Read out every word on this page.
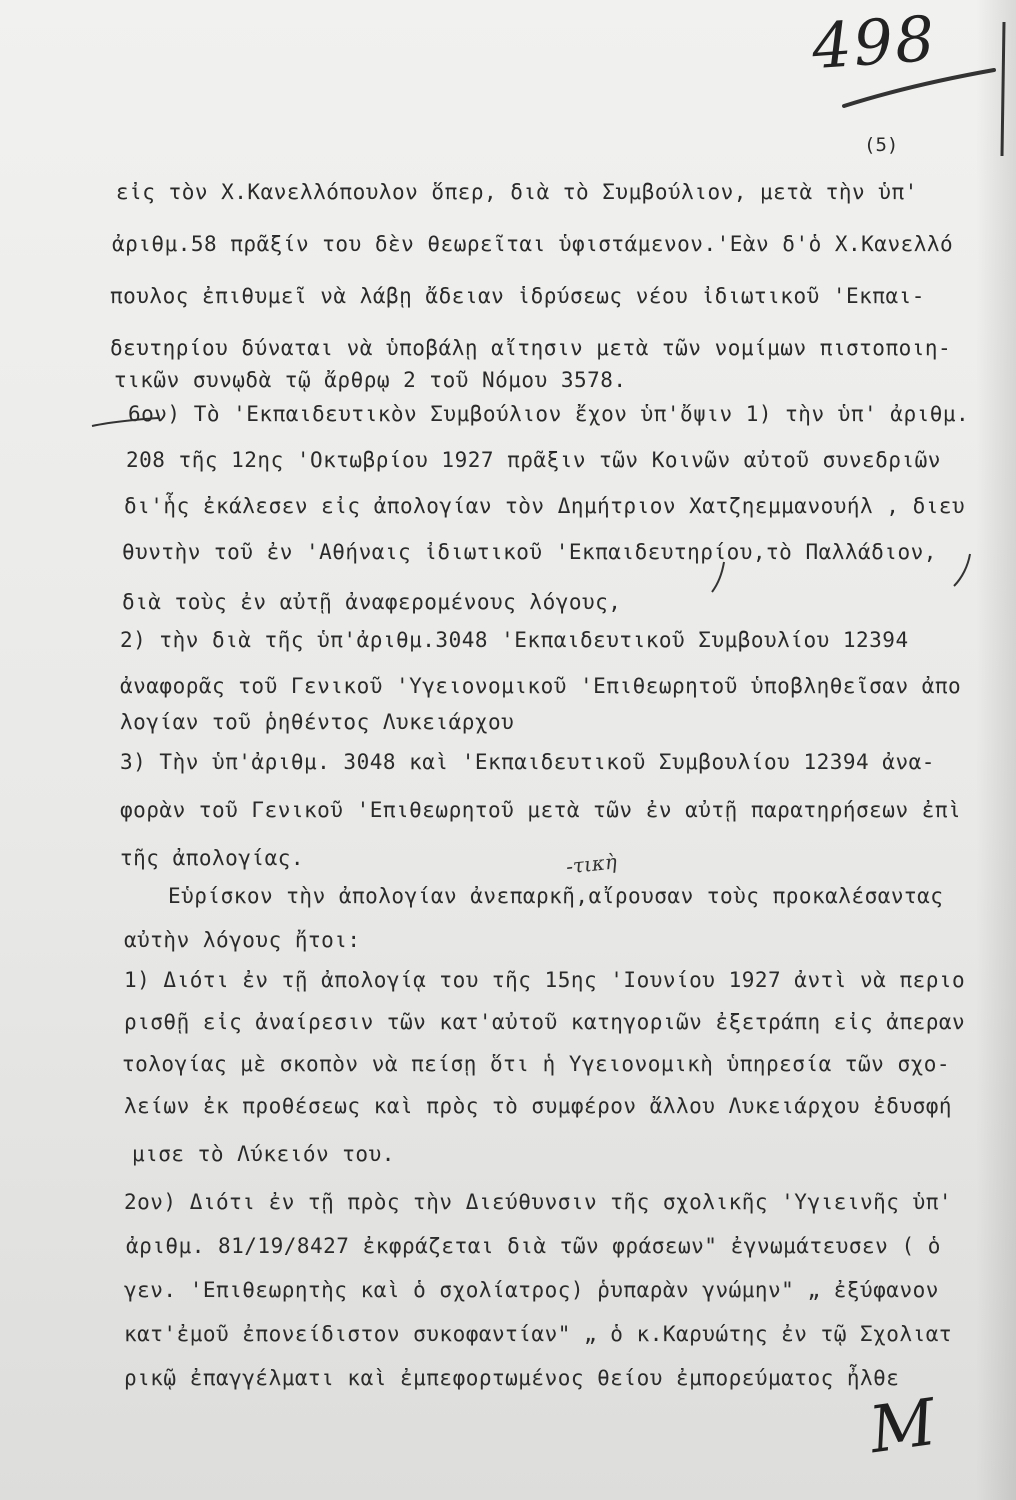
498
(5)
εἰς τὸν Χ.Κανελλόπουλον ὅπερ, διὰ τὸ Συμβούλιον, μετὰ τὴν ὑπ'
ἀριθμ.58 πρᾶξίν του δὲν θεωρεῖται ὑφιστάμενον.'Εὰν δ'ὁ Χ.Κανελλό
πουλος ἐπιθυμεῖ νὰ λάβῃ ἄδειαν ἱδρύσεως νέου ἰδιωτικοῦ 'Εκπαι-
δευτηρίου δύναται νὰ ὑποβάλῃ αἴτησιν μετὰ τῶν νομίμων πιστοποιη-
τικῶν συνῳδὰ τῷ ἄρθρῳ 2 τοῦ Νόμου 3578.
6ον) Τὸ 'Εκπαιδευτικὸν Συμβούλιον ἔχον ὑπ'ὄψιν 1) τὴν ὑπ' ἀριθμ.
208 τῆς 12ης 'Οκτωβρίου 1927 πρᾶξιν τῶν Κοινῶν αὐτοῦ συνεδριῶν
δι'ἧς ἐκάλεσεν εἰς ἀπολογίαν τὸν Δημήτριον Χατζηεμμανουήλ , διευ
θυντὴν τοῦ ἐν 'Αθήναις ἰδιωτικοῦ 'Εκπαιδευτηρίου,τὸ Παλλάδιον,
διὰ τοὺς ἐν αὐτῇ ἀναφερομένους λόγους,
2) τὴν διὰ τῆς ὑπ'ἀριθμ.3048 'Εκπαιδευτικοῦ Συμβουλίου 12394
ἀναφορᾶς τοῦ Γενικοῦ 'Υγειονομικοῦ 'Επιθεωρητοῦ ὑποβληθεῖσαν ἀπο
λογίαν τοῦ ῥηθέντος Λυκειάρχου
3) Τὴν ὑπ'ἀριθμ. 3048 καὶ 'Εκπαιδευτικοῦ Συμβουλίου 12394 ἀνα-
φορὰν τοῦ Γενικοῦ 'Επιθεωρητοῦ μετὰ τῶν ἐν αὐτῇ παρατηρήσεων ἐπὶ
τῆς ἀπολογίας.
Εὑρίσκον τὴν ἀπολογίαν ἀνεπαρκῆ,αἴρουσαν τοὺς προκαλέσαντας
αὐτὴν λόγους ἤτοι:
1) Διότι ἐν τῇ ἀπολογίᾳ του τῆς 15ης 'Ιουνίου 1927 ἀντὶ νὰ περιο
ρισθῇ εἰς ἀναίρεσιν τῶν κατ'αὐτοῦ κατηγοριῶν ἐξετράπη εἰς ἀπεραν
τολογίας μὲ σκοπὸν νὰ πείσῃ ὅτι ἡ Υγειονομικὴ ὑπηρεσία τῶν σχο-
λείων ἐκ προθέσεως καὶ πρὸς τὸ συμφέρον ἄλλου Λυκειάρχου ἐδυσφή
μισε τὸ Λύκειόν του.
2ον) Διότι ἐν τῇ πρὸς τὴν Διεύθυνσιν τῆς σχολικῆς 'Υγιεινῆς ὑπ'
ἀριθμ. 81/19/8427 ἐκφράζεται διὰ τῶν φράσεων" ἐγνωμάτευσεν ( ὁ
γεν. 'Επιθεωρητὴς καὶ ὁ σχολίατρος) ῥυπαρὰν γνώμην" „ ἐξύφανον
κατ'ἐμοῦ ἐπονείδιστον συκοφαντίαν" „ ὁ κ.Καρυώτης ἐν τῷ Σχολιατ
ρικῷ ἐπαγγέλματι καὶ ἐμπεφορτωμένος θείου ἐμπορεύματος ἦλθε
-τικὴ
Μ
